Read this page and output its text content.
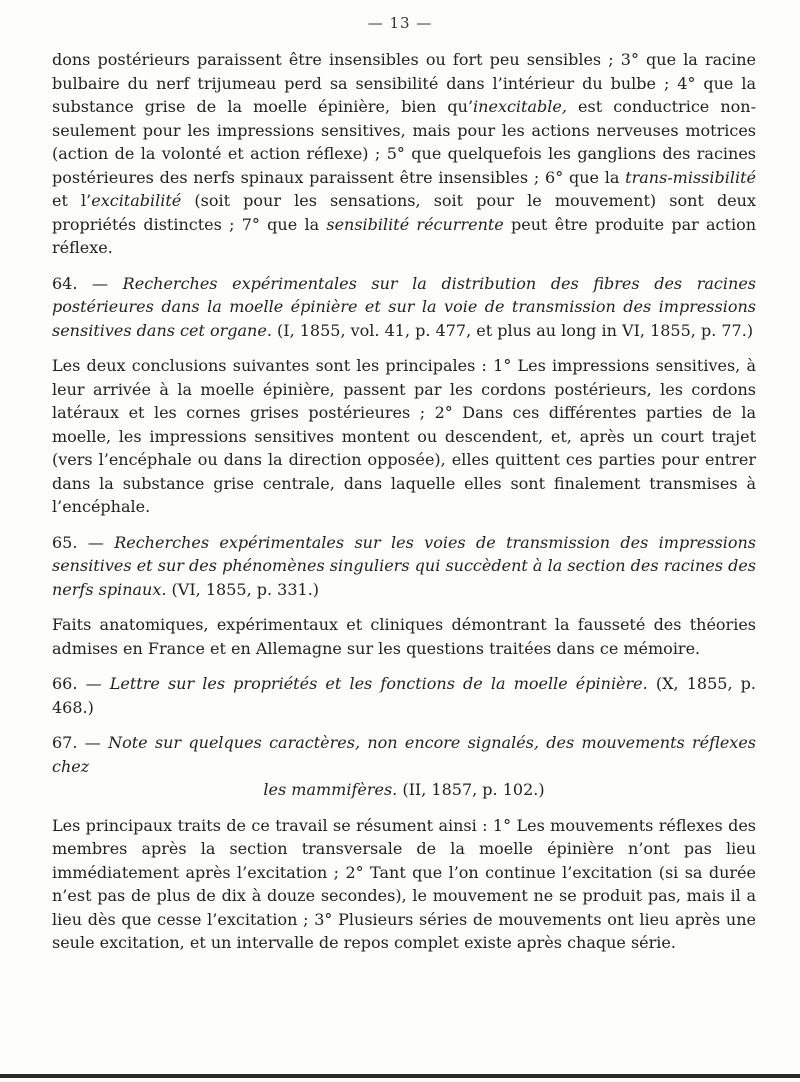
— 13 —

dons postérieurs paraissent être insensibles ou fort peu sensibles ; 3° que la racine bulbaire du nerf trijumeau perd sa sensibilité dans l’intérieur du bulbe ; 4° que la substance grise de la moelle épinière, bien qu’inexcitable, est conductrice non-seulement pour les impressions sensitives, mais pour les actions nerveuses motrices (action de la volonté et action réflexe) ; 5° que quelquefois les ganglions des racines postérieures des nerfs spinaux paraissent être insensibles ; 6° que la trans-missibilité et l’excitabilité (soit pour les sensations, soit pour le mouvement) sont deux propriétés distinctes ; 7° que la sensibilité récurrente peut être produite par action réflexe.

64. — Recherches expérimentales sur la distribution des fibres des racines postérieures dans la moelle épinière et sur la voie de transmission des impressions sensitives dans cet organe. (I, 1855, vol. 41, p. 477, et plus au long in VI, 1855, p. 77.)

Les deux conclusions suivantes sont les principales : 1° Les impressions sensitives, à leur arrivée à la moelle épinière, passent par les cordons postérieurs, les cordons latéraux et les cornes grises postérieures ; 2° Dans ces différentes parties de la moelle, les impressions sensitives montent ou descendent, et, après un court trajet (vers l’encéphale ou dans la direction opposée), elles quittent ces parties pour entrer dans la substance grise centrale, dans laquelle elles sont finalement transmises à l’encéphale.

65. — Recherches expérimentales sur les voies de transmission des impressions sensitives et sur des phénomènes singuliers qui succèdent à la section des racines des nerfs spinaux. (VI, 1855, p. 331.)

Faits anatomiques, expérimentaux et cliniques démontrant la fausseté des théories admises en France et en Allemagne sur les questions traitées dans ce mémoire.

66. — Lettre sur les propriétés et les fonctions de la moelle épinière. (X, 1855, p. 468.)

67. — Note sur quelques caractères, non encore signalés, des mouvements réflexes chez

les mammifères. (II, 1857, p. 102.)

Les principaux traits de ce travail se résument ainsi : 1° Les mouvements réflexes des membres après la section transversale de la moelle épinière n’ont pas lieu immédiatement après l’excitation ; 2° Tant que l’on continue l’excitation (si sa durée n’est pas de plus de dix à douze secondes), le mouvement ne se produit pas, mais il a lieu dès que cesse l’excitation ; 3° Plusieurs séries de mouvements ont lieu après une seule excitation, et un intervalle de repos complet existe après chaque série.
